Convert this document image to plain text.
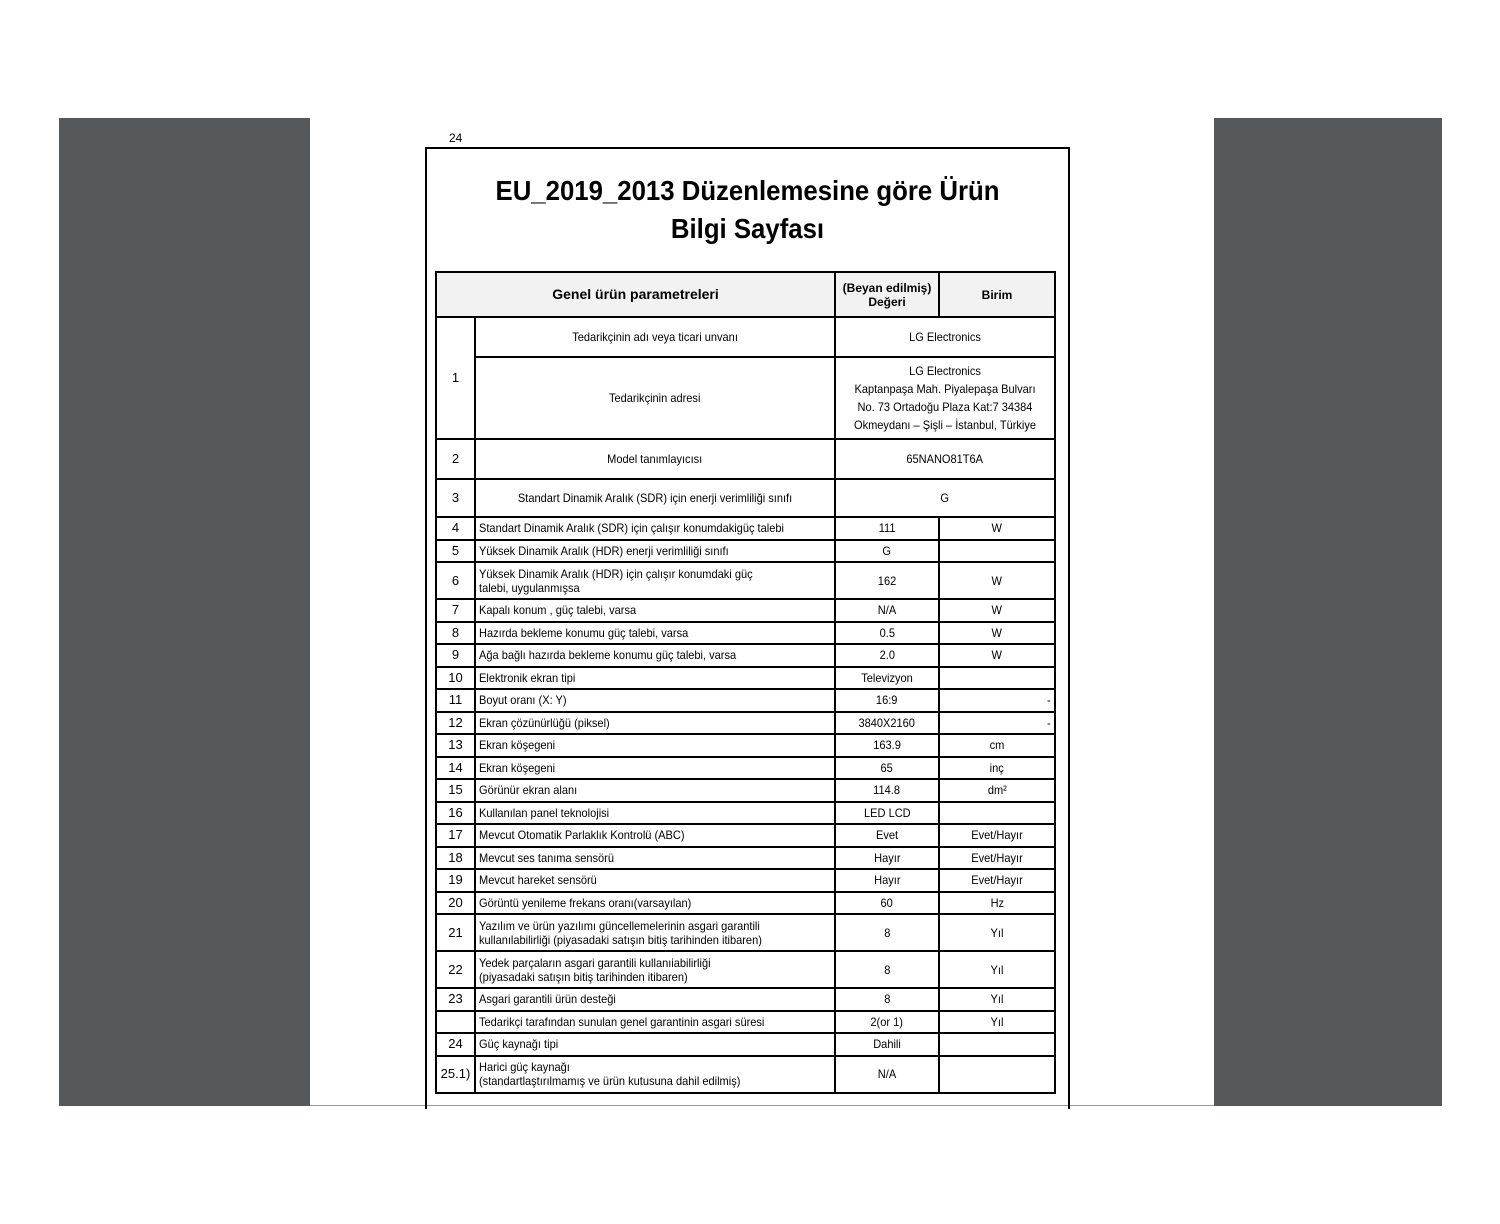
24
EU_2019_2013 Düzenlemesine göre Ürün
Bilgi Sayfası
Genel ürün parametreleri		(Beyan edilmiş)
Değeri	Birim
1	Tedarikçinin adı veya ticari unvanı	LG Electronics	
	Tedarikçinin adresi	LG Electronics
Kaptanpaşa Mah. Piyalepaşa Bulvarı
No. 73 Ortadoğu Plaza Kat:7 34384
Okmeydanı – Şişli – İstanbul, Türkiye	

2	Model tanımlayıcısı	65NANO81T6A	
3	Standart Dinamik Aralık (SDR) için enerji verimliliği sınıfı	G	
4	Standart Dinamik Aralık (SDR) için çalışır konumdakigüç talebi	111	W
5	Yüksek Dinamik Aralık (HDR) enerji verimliliği sınıfı	G	
6	Yüksek Dinamik Aralık (HDR) için çalışır konumdaki güç
talebi, uygulanmışsa	162	W
7	Kapalı konum , güç talebi, varsa	N/A	W
8	Hazırda bekleme konumu güç talebi, varsa	0.5	W
9	Ağa bağlı hazırda bekleme konumu güç talebi, varsa	2.0	W
10	Elektronik ekran tipi	Televizyon	
11	Boyut oranı (X: Y)	16:9	-
12	Ekran çözünürlüğü (piksel)	3840X2160	-
13	Ekran köşegeni	163.9	cm
14	Ekran köşegeni	65	inç
15	Görünür ekran alanı	114.8	dm²
16	Kullanılan panel teknolojisi	LED LCD	
17	Mevcut Otomatik Parlaklık Kontrolü (ABC)	Evet	Evet/Hayır
18	Mevcut ses tanıma sensörü	Hayır	Evet/Hayır
19	Mevcut hareket sensörü	Hayır	Evet/Hayır
20	Görüntü yenileme frekans oranı(varsayılan)	60	Hz
21	Yazılım ve ürün yazılımı güncellemelerinin asgari garantili
kullanılabilirliği (piyasadaki satışın bitiş tarihinden itibaren)	8	Yıl
22	Yedek parçaların asgari garantili kullanıiabilirliği
(piyasadaki satışın bitiş tarihinden itibaren)	8	Yıl
23	Asgari garantili ürün desteği	8	Yıl

	Tedarikçi tarafından sunulan genel garantinin asgari süresi	2(or 1)	Yıl
24	Güç kaynağı tipi	Dahili	
25.1)	Harici güç kaynağı
(standartlaştırılmamış ve ürün kutusuna dahil edilmiş)	N/A	
